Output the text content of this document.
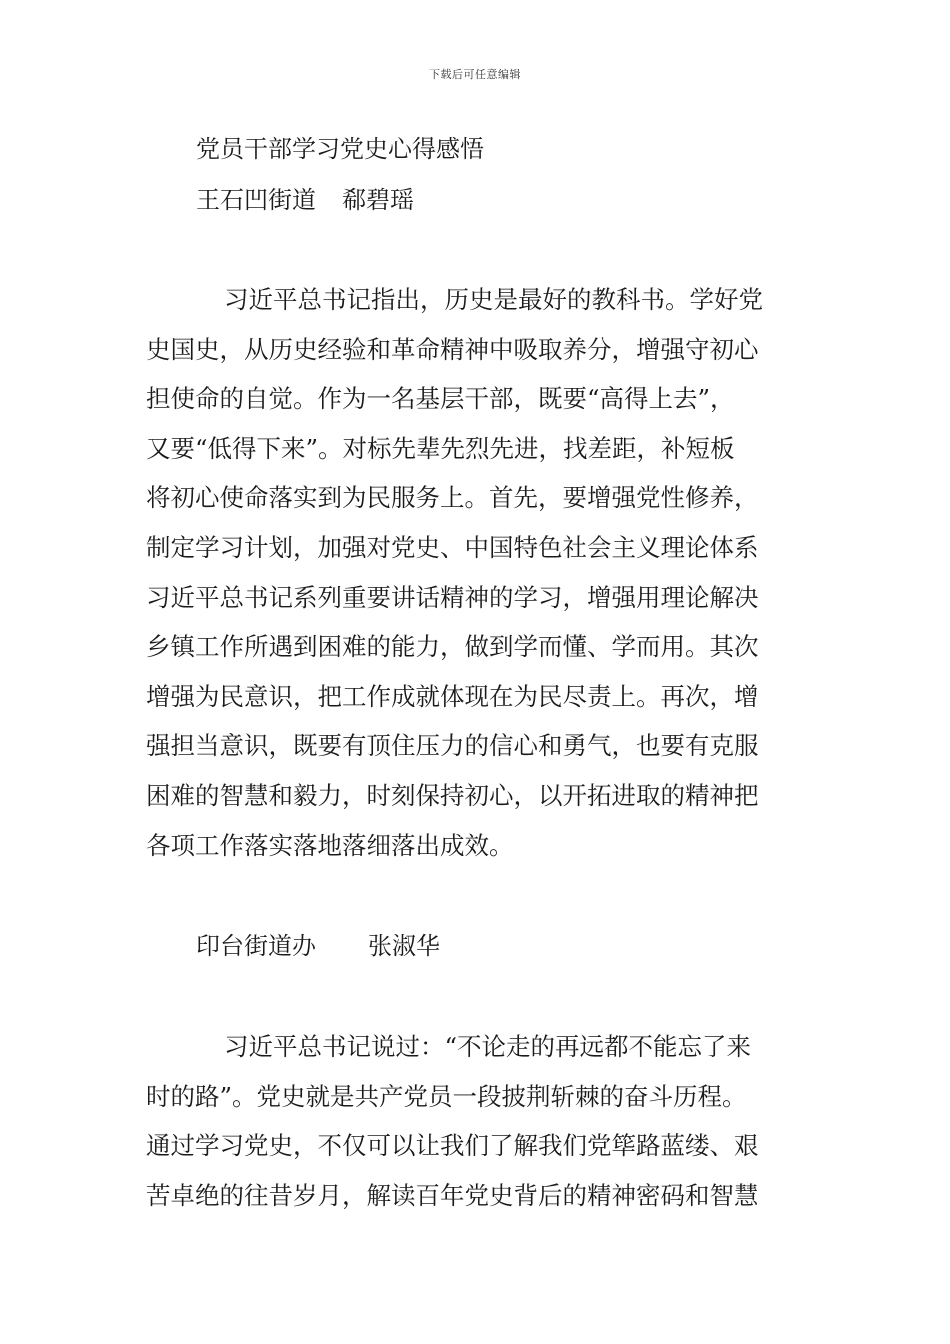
下载后可任意编辑
党员干部学习党史心得感悟
王石凹街道 郗碧瑶
习近平总书记指出，历史是最好的教科书。学好党
史国史，从历史经验和革命精神中吸取养分，增强守初心
担使命的自觉。作为一名基层干部，既要“高得上去”，
又要“低得下来”。对标先辈先烈先进，找差距，补短板
将初心使命落实到为民服务上。首先，要增强党性修养，
制定学习计划，加强对党史、中国特色社会主义理论体系
习近平总书记系列重要讲话精神的学习，增强用理论解决
乡镇工作所遇到困难的能力，做到学而懂、学而用。其次
增强为民意识，把工作成就体现在为民尽责上。再次，增
强担当意识，既要有顶住压力的信心和勇气，也要有克服
困难的智慧和毅力，时刻保持初心，以开拓进取的精神把
各项工作落实落地落细落出成效。
印台街道办 张淑华
习近平总书记说过：“不论走的再远都不能忘了来
时的路”。党史就是共产党员一段披荆斩棘的奋斗历程。
通过学习党史，不仅可以让我们了解我们党筚路蓝缕、艰
苦卓绝的往昔岁月，解读百年党史背后的精神密码和智慧
